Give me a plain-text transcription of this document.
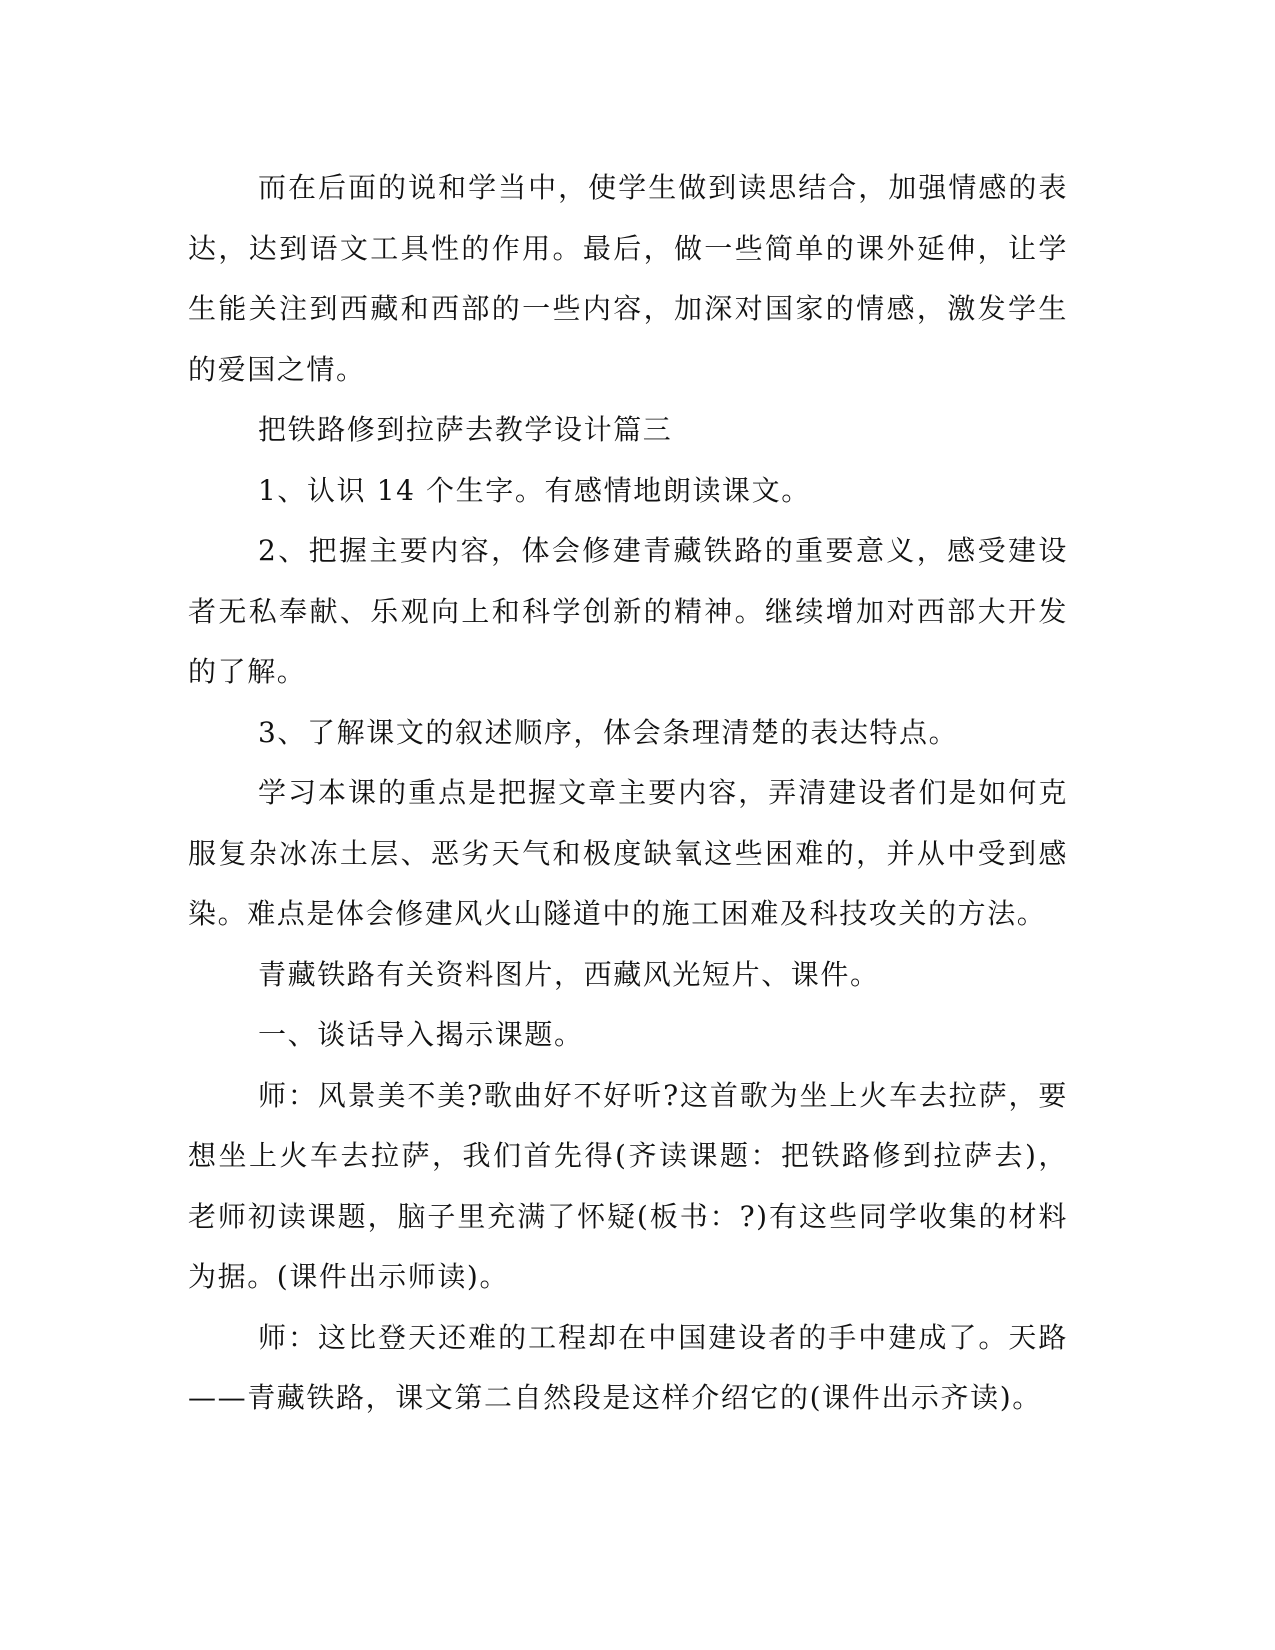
而在后面的说和学当中，使学生做到读思结合，加强情感的表达，达到语文工具性的作用。最后，做一些简单的课外延伸，让学生能关注到西藏和西部的一些内容，加深对国家的情感，激发学生的爱国之情。

把铁路修到拉萨去教学设计篇三

1、认识 14 个生字。有感情地朗读课文。

2、把握主要内容，体会修建青藏铁路的重要意义，感受建设者无私奉献、乐观向上和科学创新的精神。继续增加对西部大开发的了解。

3、了解课文的叙述顺序，体会条理清楚的表达特点。

学习本课的重点是把握文章主要内容，弄清建设者们是如何克服复杂冰冻土层、恶劣天气和极度缺氧这些困难的，并从中受到感染。难点是体会修建风火山隧道中的施工困难及科技攻关的方法。

青藏铁路有关资料图片，西藏风光短片、课件。

一、谈话导入揭示课题。

师：风景美不美?歌曲好不好听?这首歌为坐上火车去拉萨，要想坐上火车去拉萨，我们首先得(齐读课题：把铁路修到拉萨去)，老师初读课题，脑子里充满了怀疑(板书：?)有这些同学收集的材料为据。(课件出示师读)。

师：这比登天还难的工程却在中国建设者的手中建成了。天路——青藏铁路，课文第二自然段是这样介绍它的(课件出示齐读)。
